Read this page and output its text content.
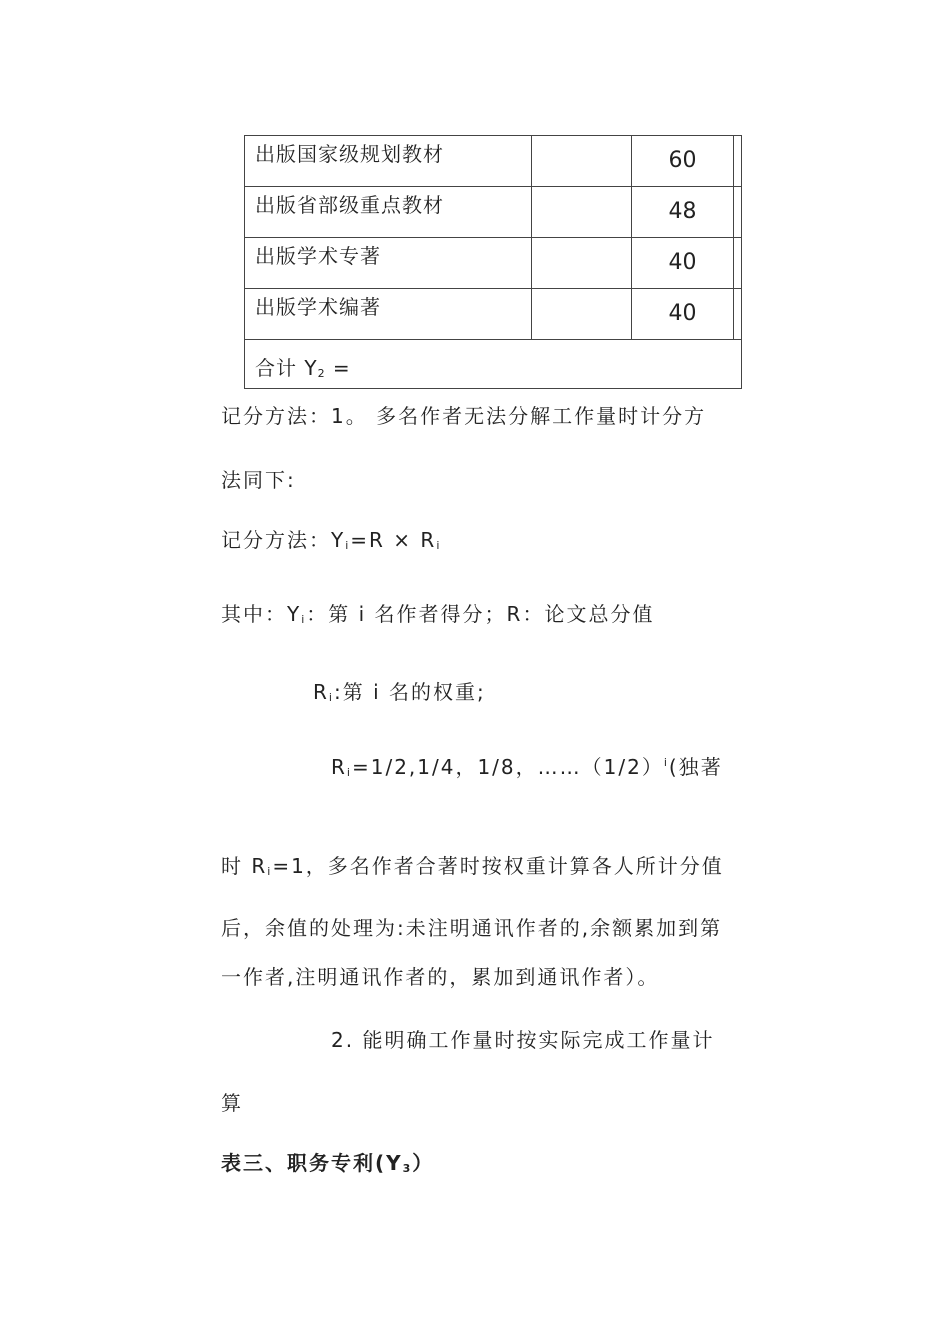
出版国家级规划教材	60
出版省部级重点教材	48
出版学术专著	40
出版学术编著	40
合计 $Y_2$ =
记分方法：1。 多名作者无法分解工作量时计分方
法同下:
记分方法：$Y_i=R \times R_i$
其中：$Y_i$：第 i 名作者得分；R：论文总分值
$R_i$:第 i 名的权重;
$R_i=1/2,1/4$，1/8，$\dots\dots(1/2)^i$(独著
时 $R_i=1$，多名作者合著时按权重计算各人所计分值
后，余值的处理为:未注明通讯作者的,余额累加到第
一作者,注明通讯作者的，累加到通讯作者）。
2. 能明确工作量时按实际完成工作量计
算
表三、职务专利$(Y_3)$
